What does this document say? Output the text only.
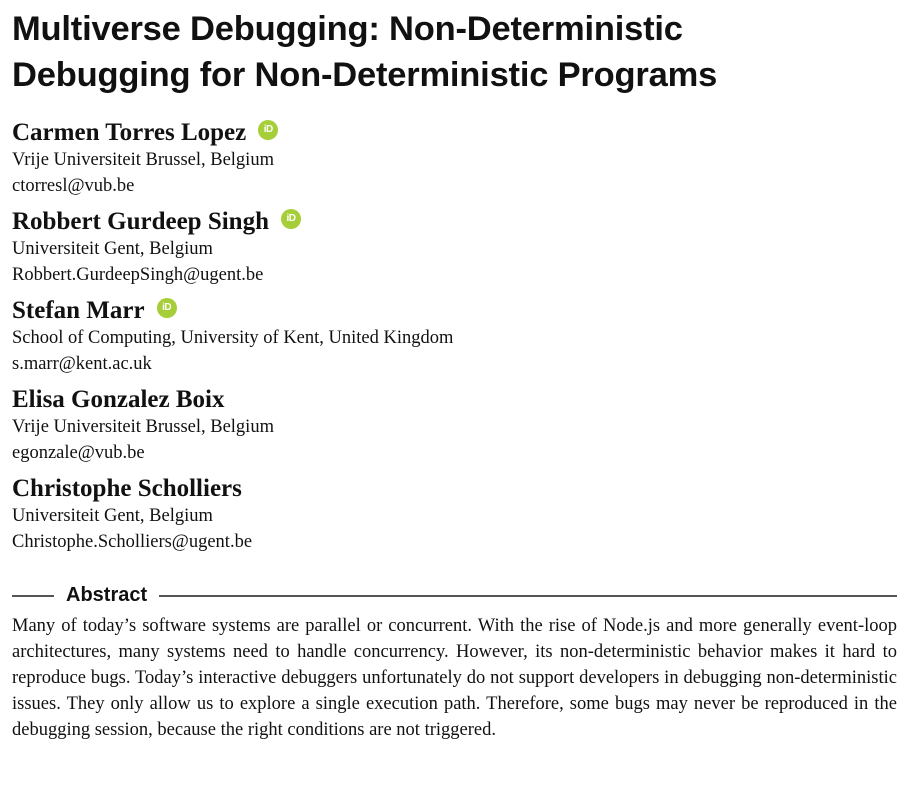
Multiverse Debugging: Non-Deterministic
Debugging for Non-Deterministic Programs
Carmen Torres Lopez	iD
Vrije Universiteit Brussel, Belgium
ctorresl@vub.be
Robbert Gurdeep Singh	iD
Universiteit Gent, Belgium
Robbert.GurdeepSingh@ugent.be
Stefan Marr	iD
School of Computing, University of Kent, United Kingdom
s.marr@kent.ac.uk
Elisa Gonzalez Boix
Vrije Universiteit Brussel, Belgium
egonzale@vub.be
Christophe Scholliers
Universiteit Gent, Belgium
Christophe.Scholliers@ugent.be
Abstract

Many of today’s software systems are parallel or concurrent. With the rise of Node.js and more generally event-loop architectures, many systems need to handle concurrency. However, its non-deterministic behavior makes it hard to reproduce bugs. Today’s interactive debuggers unfortunately do not support developers in debugging non-deterministic issues. They only allow us to explore a single execution path. Therefore, some bugs may never be reproduced in the debugging session, because the right conditions are not triggered.
